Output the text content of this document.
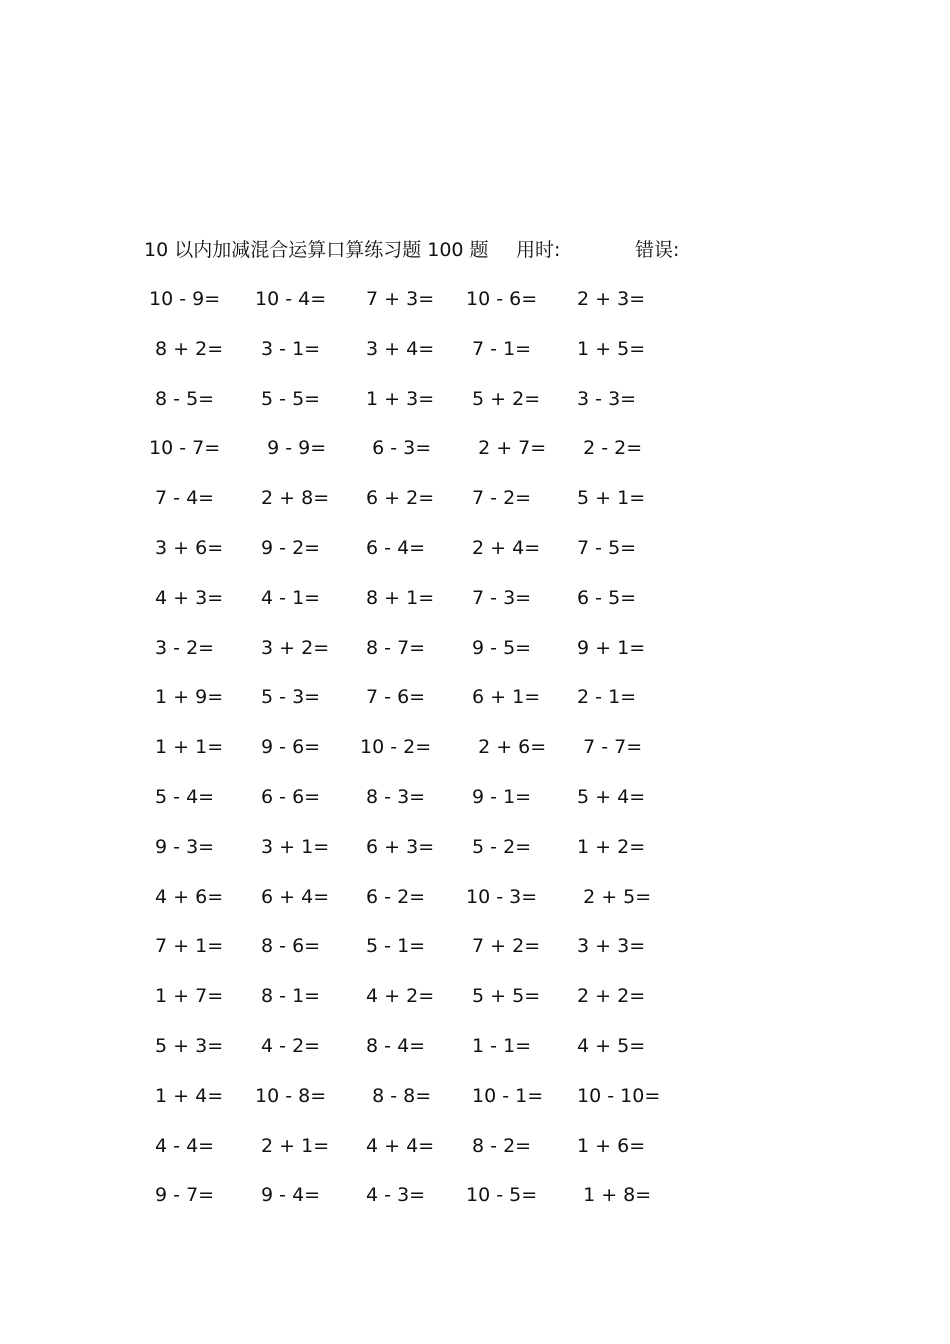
10 以内加减混合运算口算练习题 100 题 用时:	错误:
10 - 9= 10 - 4= 7 + 3= 10 - 6= 2 + 3=
8 + 2= 3 - 1= 3 + 4= 7 - 1= 1 + 5=
8 - 5= 5 - 5= 1 + 3= 5 + 2= 3 - 3=
10 - 7= 9 - 9= 6 - 3= 2 + 7= 2 - 2=
7 - 4= 2 + 8= 6 + 2= 7 - 2= 5 + 1=
3 + 6= 9 - 2= 6 - 4= 2 + 4= 7 - 5=
4 + 3= 4 - 1= 8 + 1= 7 - 3= 6 - 5=
3 - 2= 3 + 2= 8 - 7= 9 - 5= 9 + 1=
1 + 9= 5 - 3= 7 - 6= 6 + 1= 2 - 1=
1 + 1= 9 - 6= 10 - 2= 2 + 6= 7 - 7=
5 - 4= 6 - 6= 8 - 3= 9 - 1= 5 + 4=
9 - 3= 3 + 1= 6 + 3= 5 - 2= 1 + 2=
4 + 6= 6 + 4= 6 - 2= 10 - 3= 2 + 5=
7 + 1= 8 - 6= 5 - 1= 7 + 2= 3 + 3=
1 + 7= 8 - 1= 4 + 2= 5 + 5= 2 + 2=
5 + 3= 4 - 2= 8 - 4= 1 - 1= 4 + 5=
1 + 4= 10 - 8= 8 - 8= 10 - 1= 10 - 10=
4 - 4= 2 + 1= 4 + 4= 8 - 2= 1 + 6=
9 - 7= 9 - 4= 4 - 3= 10 - 5= 1 + 8=
